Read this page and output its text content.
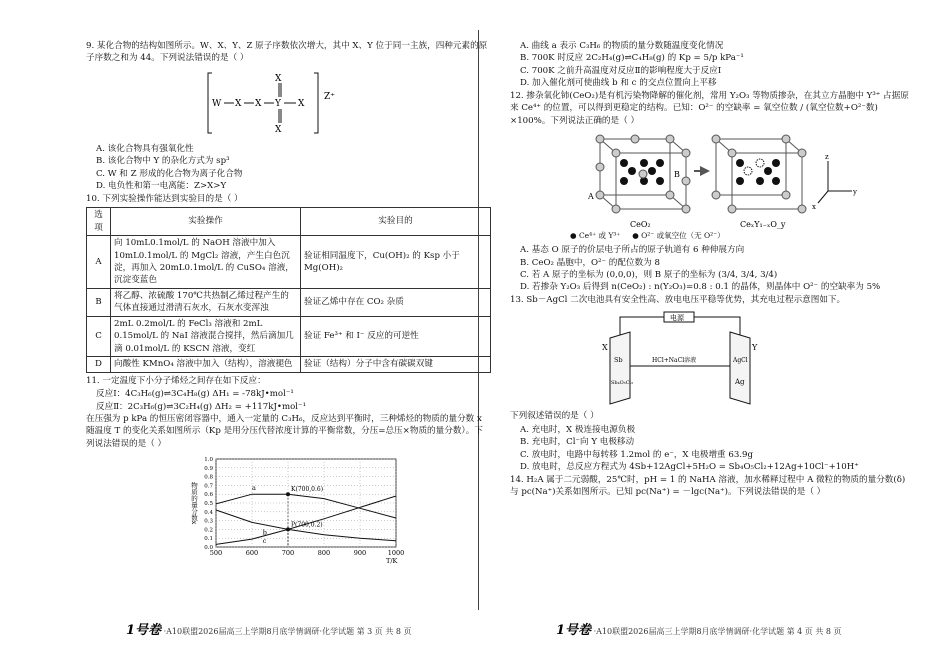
9. 某化合物的结构如图所示。W、X、Y、Z 原子序数依次增大，其中 X、Y 位于同一主族，四种元素的原子序数之和为 44。下列说法错误的是（ ）
W X X Y
X
X
X
Z⁺
A. 该化合物具有强氧化性
B. 该化合物中 Y 的杂化方式为 sp³
C. W 和 Z 形成的化合物为离子化合物
D. 电负性和第一电离能：Z>X>Y
10. 下列实验操作能达到实验目的是（ ）
选项	实验操作	实验目的
A	向 10mL0.1mol/L 的 NaOH 溶液中加入 10mL0.1mol/L 的 MgCl₂ 溶液，产生白色沉淀，再加入 20mL0.1mol/L 的 CuSO₄ 溶液，沉淀变蓝色	验证相同温度下，Cu(OH)₂ 的 Ksp 小于 Mg(OH)₂
B	将乙醇、浓硫酸 170℃共热制乙烯过程产生的气体直接通过滑清石灰水，石灰水变浑浊	验证乙烯中存在 CO₂ 杂质
C	2mL 0.2mol/L 的 FeCl₃ 溶液和 2mL 0.15mol/L 的 NaI 溶液混合搅拌，然后滴加几滴 0.01mol/L 的 KSCN 溶液，变红	验证 Fe³⁺ 和 I⁻ 反应的可逆性
D	向酸性 KMnO₄ 溶液中加入（结构），溶液褪色	验证（结构）分子中含有碳碳双键
11. 一定温度下小分子烯烃之间存在如下反应：
反应Ⅰ：4C₃H₆(g)⇌3C₄H₈(g) ΔH₁ = -78kJ•mol⁻¹
反应Ⅱ：2C₃H₆(g)⇌3C₂H₄(g) ΔH₂ = +117kJ•mol⁻¹
在压强为 p kPa 的恒压密闭容器中，通入一定量的 C₃H₆，反应达到平衡时，三种烯烃的物质的量分数 x 随温度 T 的变化关系如图所示（Kp 是用分压代替浓度计算的平衡常数，分压=总压×物质的量分数）。下列说法错误的是（ ）
0.0
0.1
0.2
0.3
0.4
0.5
0.6
0.7
0.8
0.9
1.0
500	600	700	800	900	1000
T/K
物质的量分数x	a
b
c
K(700,0.6)
P(700,0.2)
A. 曲线 a 表示 C₃H₆ 的物质的量分数随温度变化情况
B. 700K 时反应 2C₂H₄(g)⇌C₄H₈(g) 的 Kp = 5/p kPa⁻¹
C. 700K 之前升高温度对反应Ⅱ的影响程度大于反应Ⅰ
D. 加入催化剂可使曲线 b 和 c 的交点位置向上平移
12. 掺杂氧化铈(CeO₂)是有机污染物降解的催化剂，常用 Y₂O₃ 等物质掺杂，在其立方晶胞中 Y³⁺ 占据原来 Ce⁴⁺ 的位置，可以得到更稳定的结构。已知：O²⁻ 的空缺率 = 氧空位数 / (氧空位数+O²⁻数) ×100%。下列说法正确的是（ ）
A
B
CeO₂	CeₓY₁₋ₓO_y
z
y
x
● Ce⁴⁺ 或 Y³⁺ ● O²⁻ 或氧空位（无 O²⁻）
A. 基态 O 原子的价层电子所占的原子轨道有 6 种伸展方向
B. CeO₂ 晶胞中，O²⁻ 的配位数为 8
C. 若 A 原子的坐标为 (0,0,0)，则 B 原子的坐标为 (3/4, 3/4, 3/4)
D. 若掺杂 Y₂O₃ 后得到 n(CeO₂) : n(Y₂O₃)=0.8 : 0.1 的晶体，则晶体中 O²⁻ 的空缺率为 5%
13. Sb－AgCl 二次电池具有安全性高、放电电压平稳等优势，其充电过程示意图如下。
电源
X	Y
Sb
Sb₄O₅Cl₂
AgCl
Ag
HCl+NaCl溶液
下列叙述错误的是（ ）
A. 充电时，X 极连接电源负极
B. 充电时，Cl⁻向 Y 电极移动
C. 放电时，电路中每转移 1.2mol 的 e⁻，X 电极增重 63.9g
D. 放电时，总反应方程式为 4Sb+12AgCl+5H₂O = Sb₄O₅Cl₂+12Ag+10Cl⁻+10H⁺
14. H₂A 属于二元弱酸，25℃时，pH = 1 的 NaHA 溶液，加水稀释过程中 A 微粒的物质的量分数(δ)与 pc(Na⁺)关系如图所示。已知 pc(Na⁺) = －lgc(Na⁺)。下列说法错误的是（ ）
1号卷 ·A10联盟2026届高三上学期8月底学情调研·化学试题 第 3 页 共 8 页	1号卷 ·A10联盟2026届高三上学期8月底学情调研·化学试题 第 4 页 共 8 页
